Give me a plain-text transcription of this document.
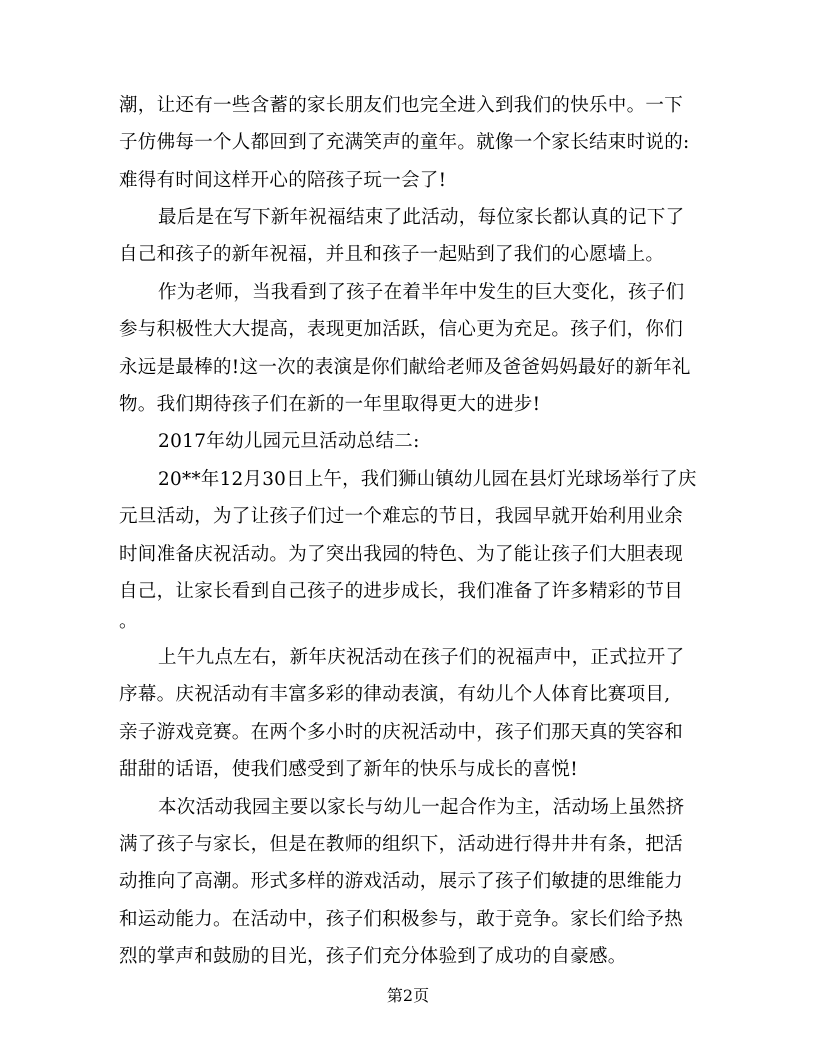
潮，让还有一些含蓄的家长朋友们也完全进入到我们的快乐中。一下
子仿佛每一个人都回到了充满笑声的童年。就像一个家长结束时说的:
难得有时间这样开心的陪孩子玩一会了!
最后是在写下新年祝福结束了此活动，每位家长都认真的记下了
自己和孩子的新年祝福，并且和孩子一起贴到了我们的心愿墙上。
作为老师，当我看到了孩子在着半年中发生的巨大变化，孩子们
参与积极性大大提高，表现更加活跃，信心更为充足。孩子们，你们
永远是最棒的!这一次的表演是你们献给老师及爸爸妈妈最好的新年礼
物。我们期待孩子们在新的一年里取得更大的进步!
2017年幼儿园元旦活动总结二:
20**年12月30日上午，我们狮山镇幼儿园在县灯光球场举行了庆
元旦活动，为了让孩子们过一个难忘的节日，我园早就开始利用业余
时间准备庆祝活动。为了突出我园的特色、为了能让孩子们大胆表现
自己，让家长看到自己孩子的进步成长，我们准备了许多精彩的节目
。
上午九点左右，新年庆祝活动在孩子们的祝福声中，正式拉开了
序幕。庆祝活动有丰富多彩的律动表演，有幼儿个人体育比赛项目,
亲子游戏竞赛。在两个多小时的庆祝活动中，孩子们那天真的笑容和
甜甜的话语，使我们感受到了新年的快乐与成长的喜悦!
本次活动我园主要以家长与幼儿一起合作为主，活动场上虽然挤
满了孩子与家长，但是在教师的组织下，活动进行得井井有条，把活
动推向了高潮。形式多样的游戏活动，展示了孩子们敏捷的思维能力
和运动能力。在活动中，孩子们积极参与，敢于竞争。家长们给予热
烈的掌声和鼓励的目光，孩子们充分体验到了成功的自豪感。
第2页
